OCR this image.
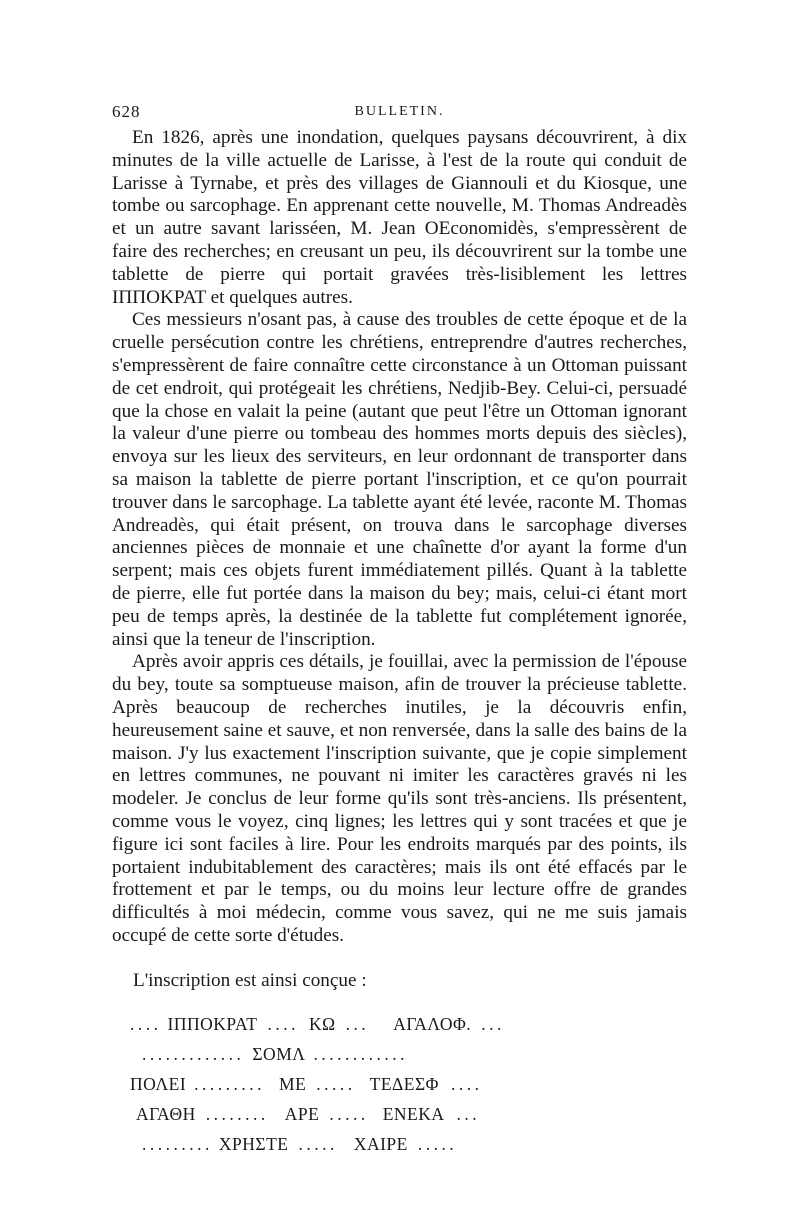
628	BULLETIN.

En 1826, après une inondation, quelques paysans découvrirent, à dix minutes de la ville actuelle de Larisse, à l'est de la route qui conduit de Larisse à Tyrnabe, et près des villages de Giannouli et du Kiosque, une tombe ou sarcophage. En apprenant cette nouvelle, M. Thomas Andreadès et un autre savant larisséen, M. Jean OEconomidès, s'empressèrent de faire des recherches; en creusant un peu, ils découvrirent sur la tombe une tablette de pierre qui portait gravées très-lisiblement les lettres ΙΠΠΟΚΡΑΤ et quelques autres.

Ces messieurs n'osant pas, à cause des troubles de cette époque et de la cruelle persécution contre les chrétiens, entreprendre d'autres recherches, s'empressèrent de faire connaître cette circonstance à un Ottoman puissant de cet endroit, qui protégeait les chrétiens, Nedjib-Bey. Celui-ci, persuadé que la chose en valait la peine (autant que peut l'être un Ottoman ignorant la valeur d'une pierre ou tombeau des hommes morts depuis des siècles), envoya sur les lieux des serviteurs, en leur ordonnant de transporter dans sa maison la tablette de pierre portant l'inscription, et ce qu'on pourrait trouver dans le sarcophage. La tablette ayant été levée, raconte M. Thomas Andreadès, qui était présent, on trouva dans le sarcophage diverses anciennes pièces de monnaie et une chaînette d'or ayant la forme d'un serpent; mais ces objets furent immédiatement pillés. Quant à la tablette de pierre, elle fut portée dans la maison du bey; mais, celui-ci étant mort peu de temps après, la destinée de la tablette fut complétement ignorée, ainsi que la teneur de l'inscription.

Après avoir appris ces détails, je fouillai, avec la permission de l'épouse du bey, toute sa somptueuse maison, afin de trouver la précieuse tablette. Après beaucoup de recherches inutiles, je la découvris enfin, heureusement saine et sauve, et non renversée, dans la salle des bains de la maison. J'y lus exactement l'inscription suivante, que je copie simplement en lettres communes, ne pouvant ni imiter les caractères gravés ni les modeler. Je conclus de leur forme qu'ils sont très-anciens. Ils présentent, comme vous le voyez, cinq lignes; les lettres qui y sont tracées et que je figure ici sont faciles à lire. Pour les endroits marqués par des points, ils portaient indubitablement des caractères; mais ils ont été effacés par le frottement et par le temps, ou du moins leur lecture offre de grandes difficultés à moi médecin, comme vous savez, qui ne me suis jamais occupé de cette sorte d'études.

L'inscription est ainsi conçue :
.... ΙΠΠΟΚΡΑΤ .... ΚΩ ... ΑΓΑΛΟΦ. ...
............. ΣΟΜΛ ............
ΠΟΛΕΙ ......... ΜΕ ..... ΤΕΔΕΣΦ ....
ΑΓΑΘΗ ........ ΑΡΕ ..... ΕΝΕΚΑ ...
......... ΧΡΗΣΤΕ ..... ΧΑΙΡΕ .....
